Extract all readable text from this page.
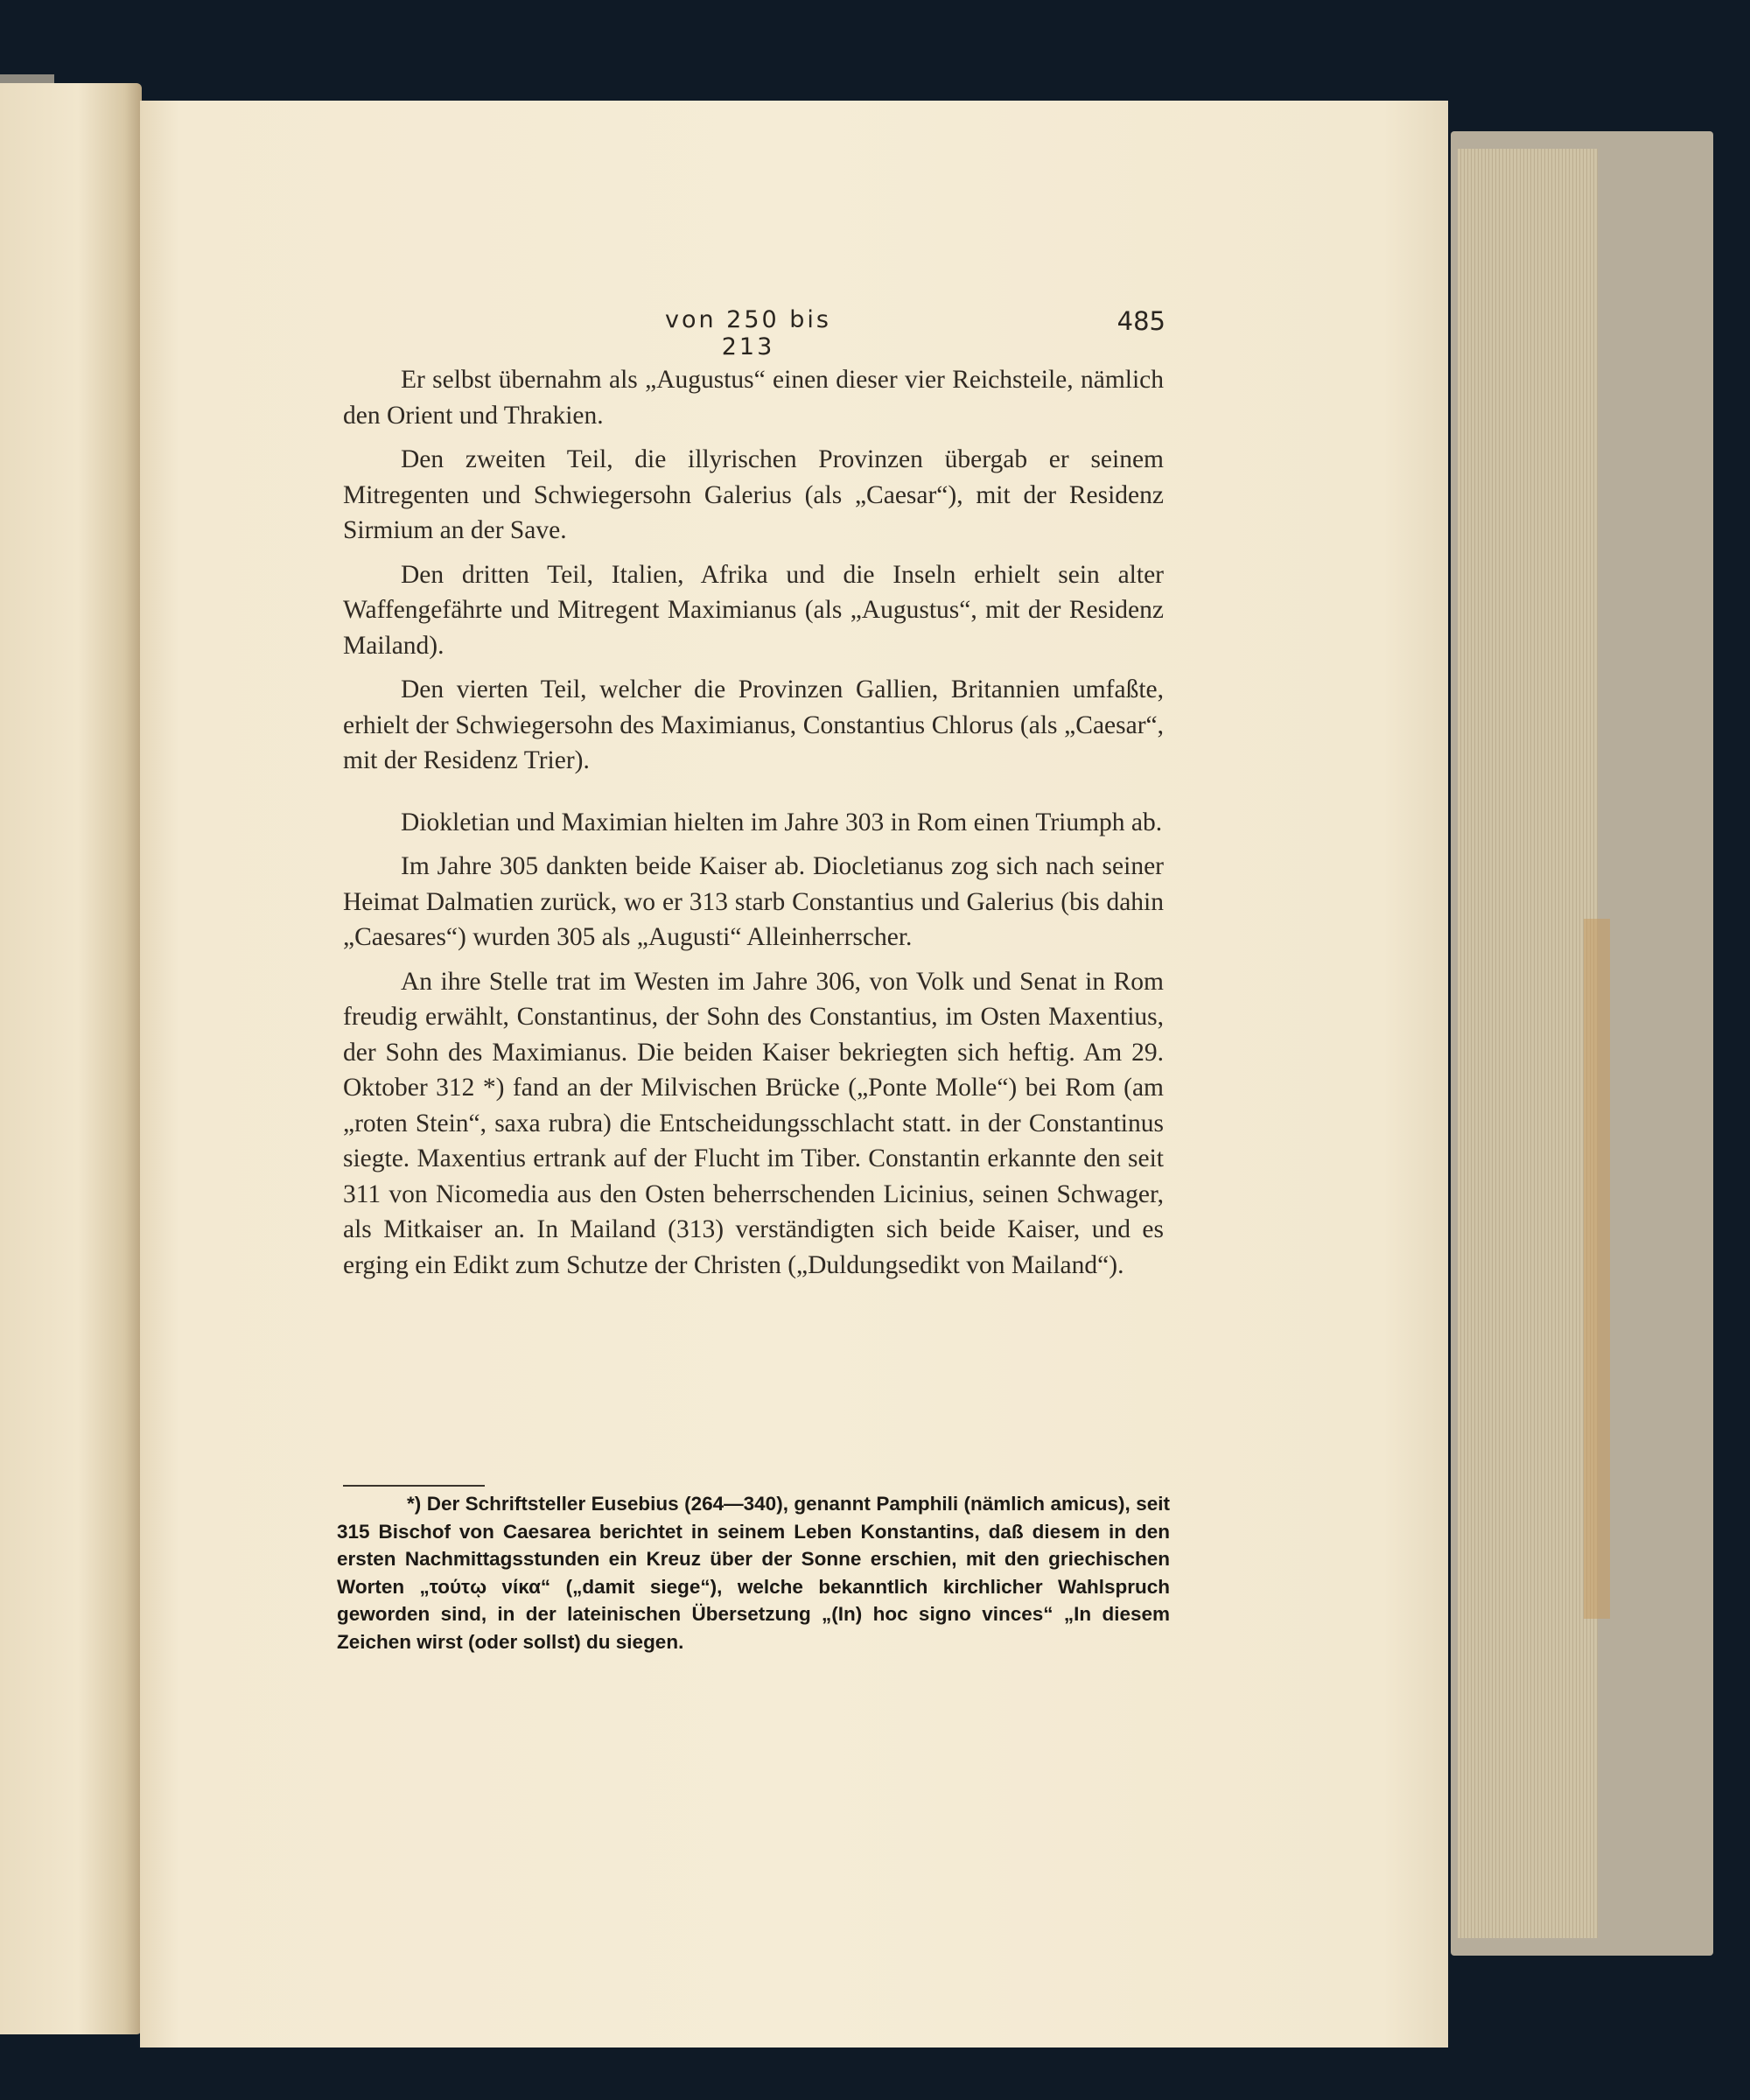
von 250 bis 213
485

Er selbst übernahm als „Augustus“ einen dieser vier Reichsteile, nämlich den Orient und Thrakien.

Den zweiten Teil, die illyrischen Provinzen übergab er seinem Mitregenten und Schwiegersohn Galerius (als „Caesar“), mit der Residenz Sirmium an der Save.

Den dritten Teil, Italien, Afrika und die Inseln erhielt sein alter Waffengefährte und Mitregent Maximianus (als „Augustus“, mit der Residenz Mailand).

Den vierten Teil, welcher die Provinzen Gallien, Britannien umfaßte, erhielt der Schwiegersohn des Maximianus, Constantius Chlorus (als „Caesar“, mit der Residenz Trier).

Diokletian und Maximian hielten im Jahre 303 in Rom einen Triumph ab.

Im Jahre 305 dankten beide Kaiser ab. Diocletianus zog sich nach seiner Heimat Dalmatien zurück, wo er 313 starb Constantius und Galerius (bis dahin „Caesares“) wurden 305 als „Augusti“ Alleinherrscher.

An ihre Stelle trat im Westen im Jahre 306, von Volk und Senat in Rom freudig erwählt, Constantinus, der Sohn des Constantius, im Osten Maxentius, der Sohn des Maximianus. Die beiden Kaiser bekriegten sich heftig. Am 29. Oktober 312 *) fand an der Milvischen Brücke („Ponte Molle“) bei Rom (am „roten Stein“, saxa rubra) die Entscheidungsschlacht statt. in der Constantinus siegte. Maxentius ertrank auf der Flucht im Tiber. Constantin erkannte den seit 311 von Nicomedia aus den Osten beherrschenden Licinius, seinen Schwager, als Mitkaiser an. In Mailand (313) verständigten sich beide Kaiser, und es erging ein Edikt zum Schutze der Christen („Duldungsedikt von Mailand“).

*) Der Schriftsteller Eusebius (264—340), genannt Pamphili (nämlich amicus), seit 315 Bischof von Caesarea berichtet in seinem Leben Konstantins, daß diesem in den ersten Nachmittagsstunden ein Kreuz über der Sonne erschien, mit den griechischen Worten „τούτῳ νίκα“ („damit siege“), welche bekanntlich kirchlicher Wahlspruch geworden sind, in der lateinischen Übersetzung „(In) hoc signo vinces“ „In diesem Zeichen wirst (oder sollst) du siegen.
